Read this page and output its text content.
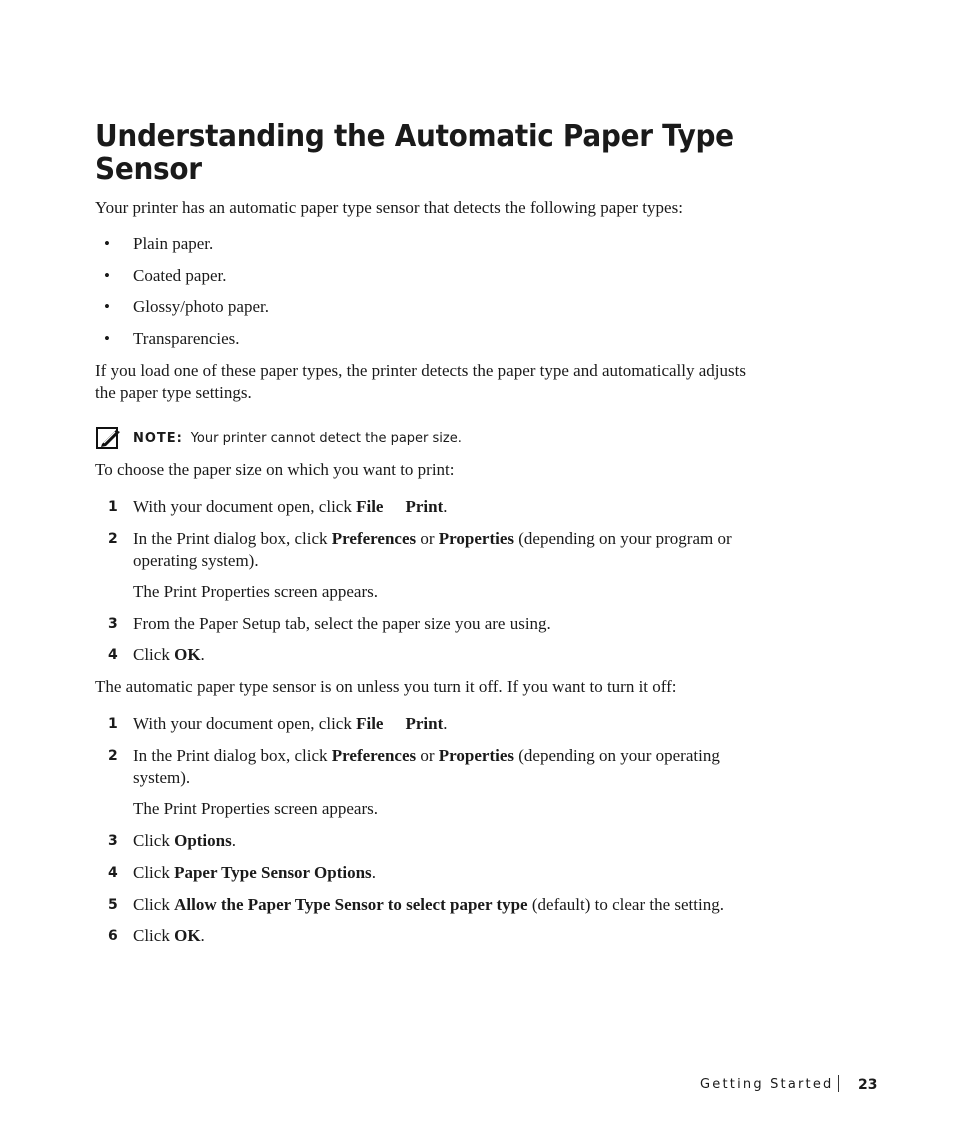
Understanding the Automatic Paper Type Sensor

Your printer has an automatic paper type sensor that detects the following paper types:

• Plain paper.

• Coated paper.

• Glossy/photo paper.

• Transparencies.

If you load one of these paper types, the printer detects the paper type and automatically adjusts the paper type settings.

NOTE: Your printer cannot detect the paper size.

To choose the paper size on which you want to print:

1 With your document open, click File Print.

2 In the Print dialog box, click Preferences or Properties (depending on your program or operating system).

The Print Properties screen appears.

3 From the Paper Setup tab, select the paper size you are using.

4 Click OK.

The automatic paper type sensor is on unless you turn it off. If you want to turn it off:

1 With your document open, click File Print.

2 In the Print dialog box, click Preferences or Properties (depending on your operating system).

The Print Properties screen appears.

3 Click Options.

4 Click Paper Type Sensor Options.

5 Click Allow the Paper Type Sensor to select paper type (default) to clear the setting.

6 Click OK.

Getting Started 23
